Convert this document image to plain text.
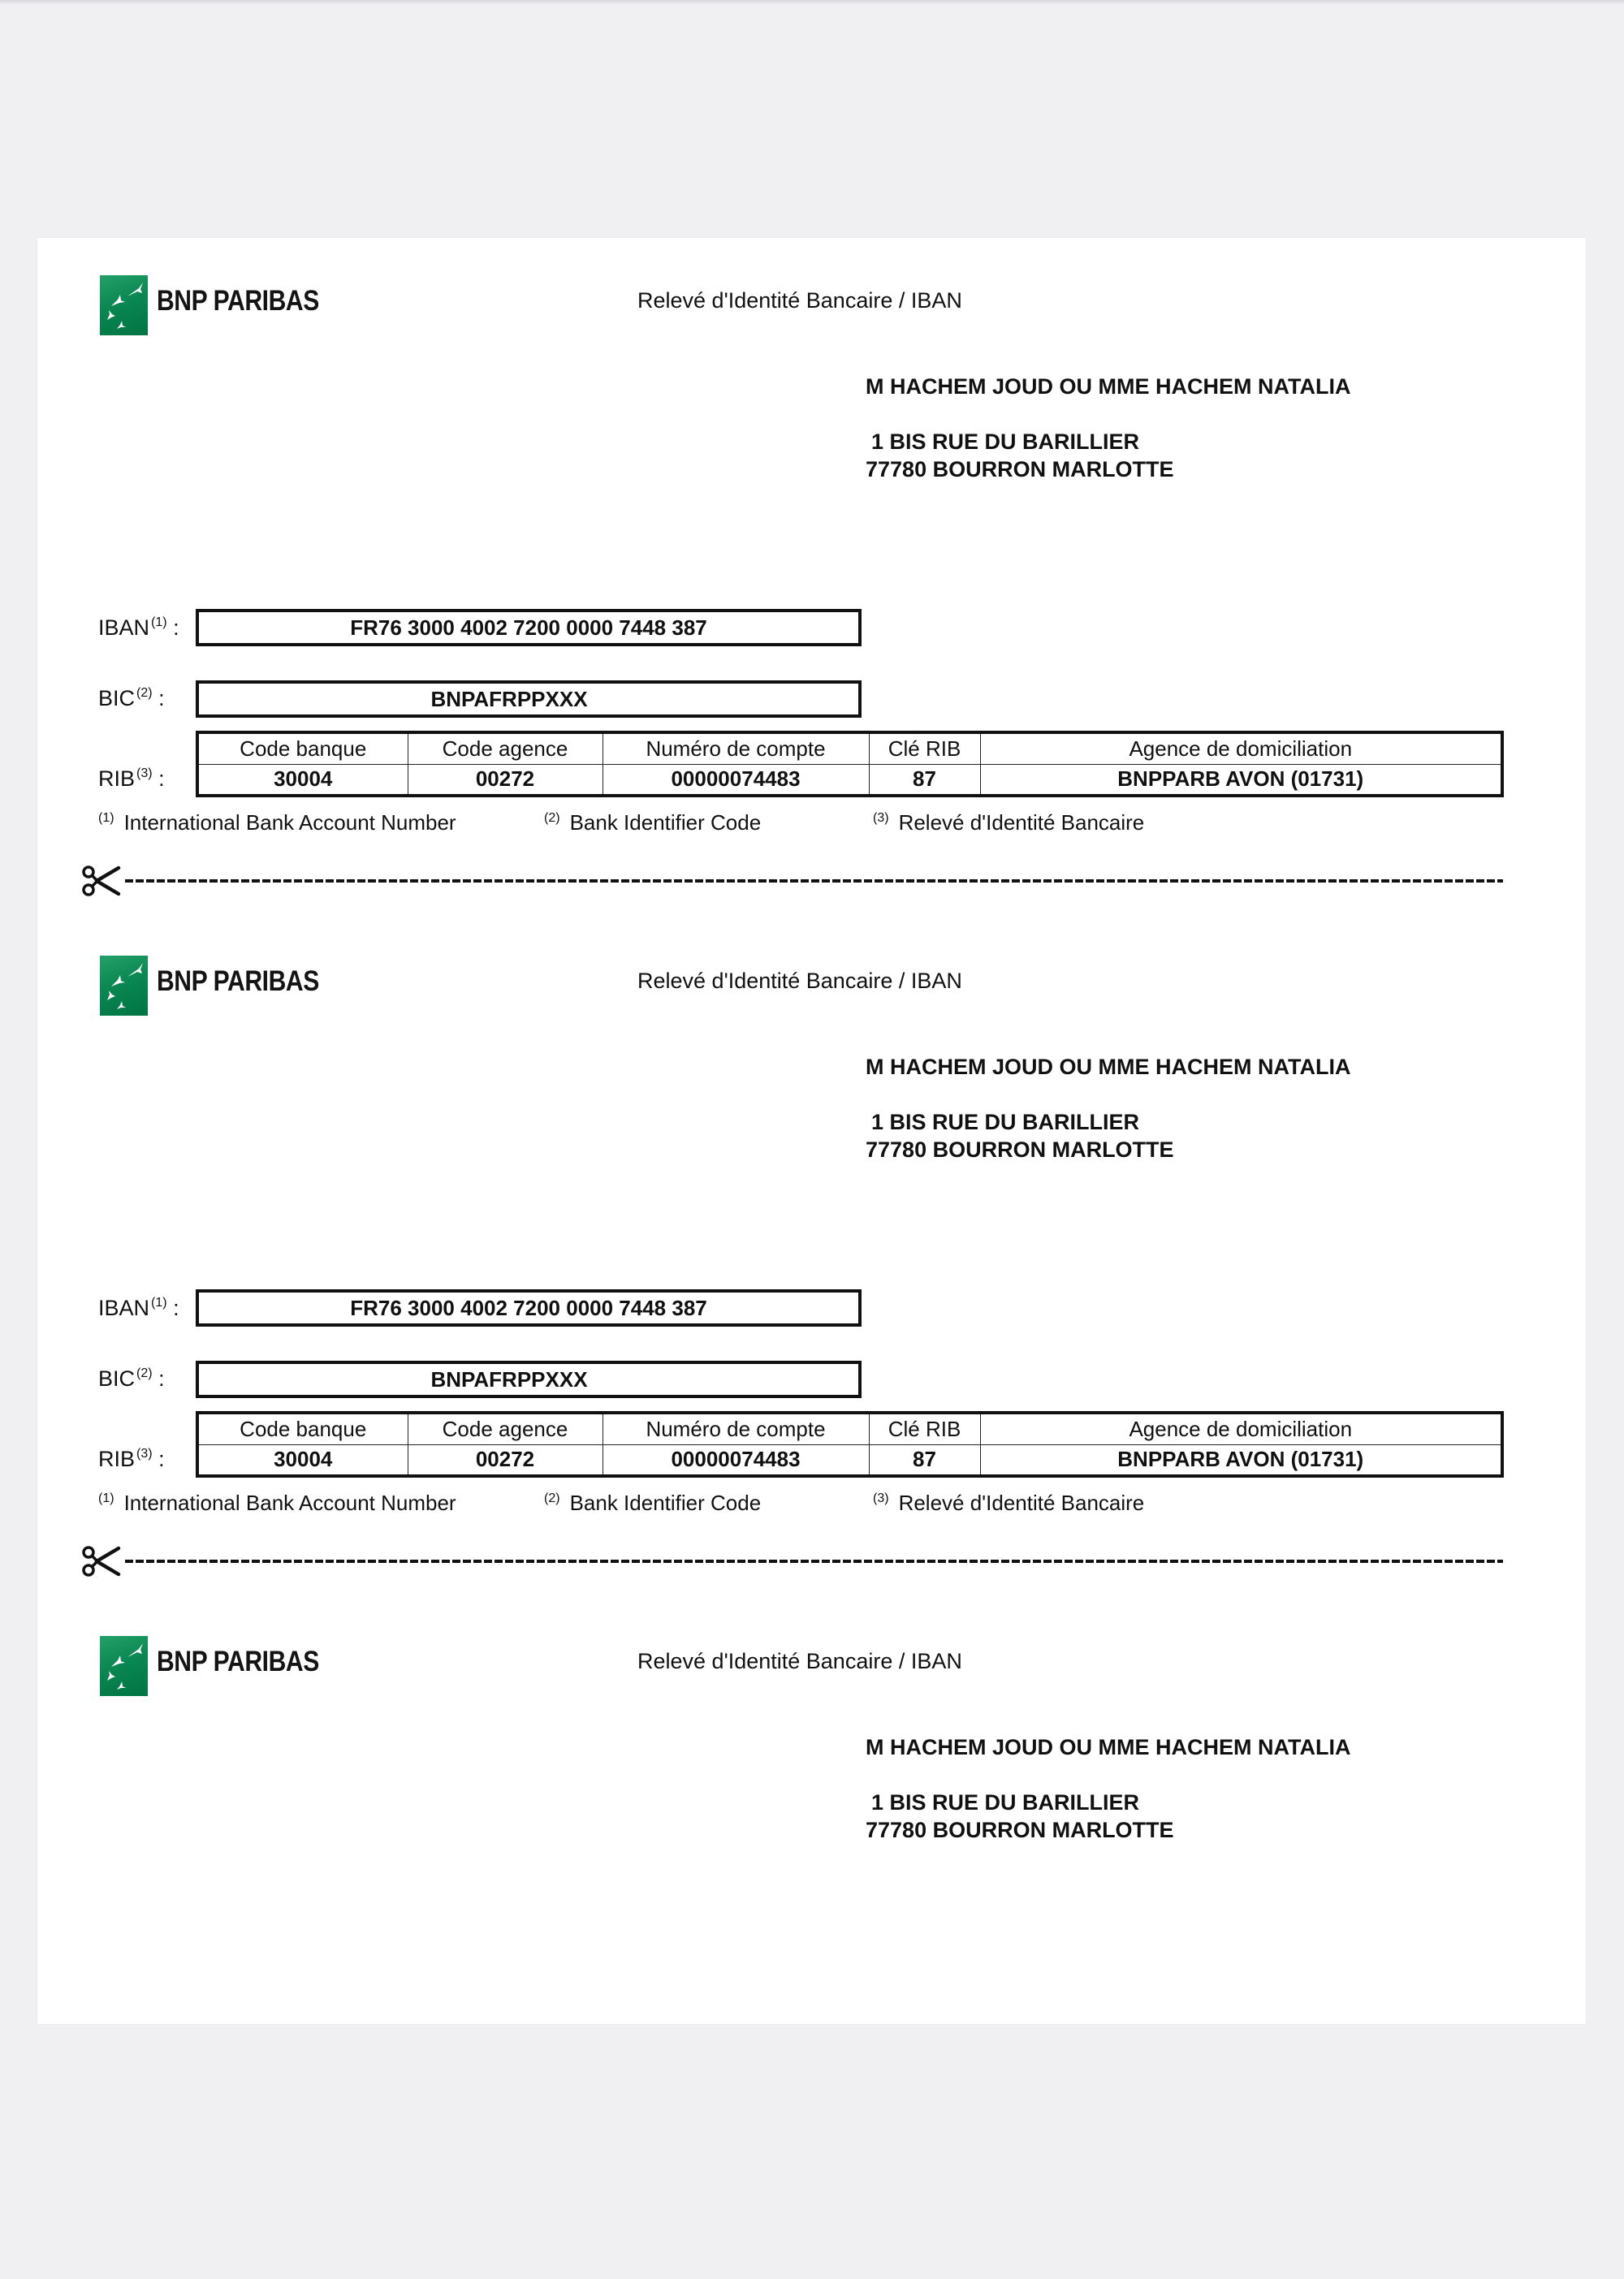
BNP PARIBAS	Relevé d'Identité Bancaire / IBAN
M HACHEM JOUD OU MME HACHEM NATALIA
1 BIS RUE DU BARILLIER
77780 BOURRON MARLOTTE
IBAN $^{(1)}$ :	FR76 3000 4002 7200 0000 7448 387
BIC $^{(2)}$ :	BNPAFRPPXXX
RIB $^{(3)}$ :
Code banque	Code agence	Numéro de compte	Clé RIB	Agence de domiciliation
30004	00272	00000074483	87	BNPPARB AVON (01731)
$^{(1)}$ International Bank Account Number	$^{(2)}$ Bank Identifier Code	$^{(3)}$ Relevé d'Identité Bancaire
BNP PARIBAS	Relevé d'Identité Bancaire / IBAN
M HACHEM JOUD OU MME HACHEM NATALIA
1 BIS RUE DU BARILLIER
77780 BOURRON MARLOTTE
IBAN $^{(1)}$ :	FR76 3000 4002 7200 0000 7448 387
BIC $^{(2)}$ :	BNPAFRPPXXX
RIB $^{(3)}$ :
Code banque	Code agence	Numéro de compte	Clé RIB	Agence de domiciliation
30004	00272	00000074483	87	BNPPARB AVON (01731)
$^{(1)}$ International Bank Account Number	$^{(2)}$ Bank Identifier Code	$^{(3)}$ Relevé d'Identité Bancaire
BNP PARIBAS	Relevé d'Identité Bancaire / IBAN
M HACHEM JOUD OU MME HACHEM NATALIA
1 BIS RUE DU BARILLIER
77780 BOURRON MARLOTTE
